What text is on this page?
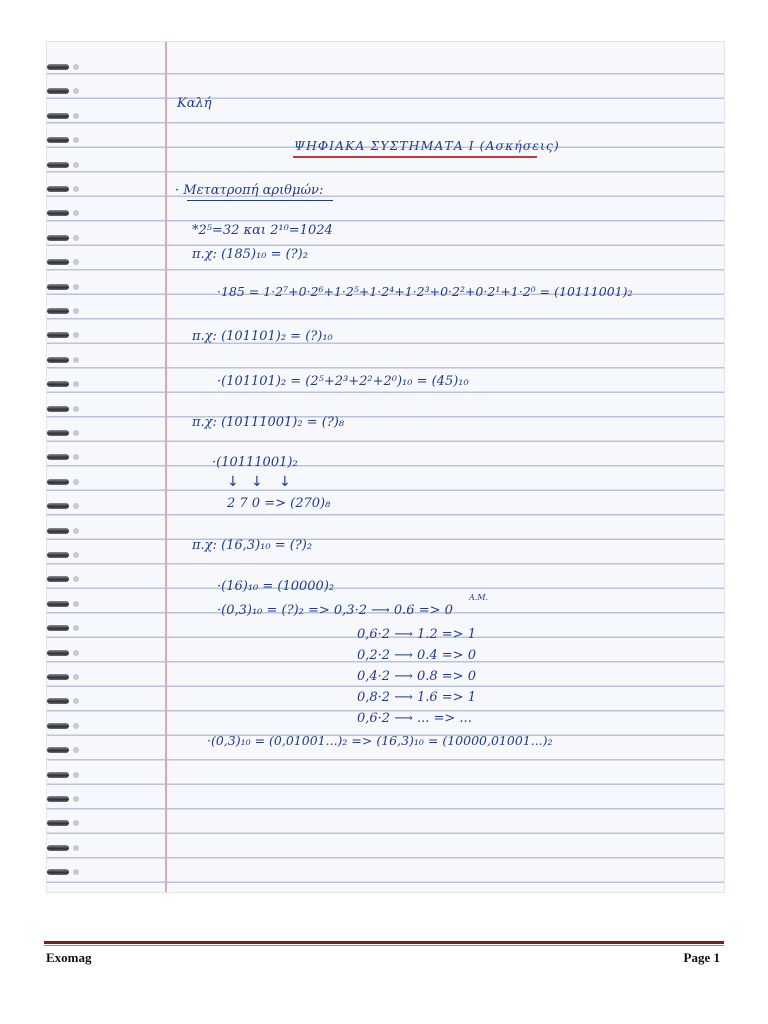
Καλή
ΨΗΦΙΑΚΑ ΣΥΣΤΗΜΑΤΑ Ι (Ασκήσεις)
· Μετατροπή αριθμών:
*2⁵=32 και 2¹⁰=1024
π.χ: (185)₁₀ = (?)₂
·185 = 1·2⁷+0·2⁶+1·2⁵+1·2⁴+1·2³+0·2²+0·2¹+1·2⁰ = (10111001)₂
π.χ: (101101)₂ = (?)₁₀
·(101101)₂ = (2⁵+2³+2²+2⁰)₁₀ = (45)₁₀
π.χ: (10111001)₂ = (?)₈
·(10111001)₂
↓ ↓ ↓
2 7 0 => (270)₈
π.χ: (16,3)₁₀ = (?)₂
·(16)₁₀ = (10000)₂
·(0,3)₁₀ = (?)₂ => 0,3·2 ⟶ 0.6 => 0
A.M.
0,6·2 ⟶ 1.2 => 1
0,2·2 ⟶ 0.4 => 0
0,4·2 ⟶ 0.8 => 0
0,8·2 ⟶ 1.6 => 1
0,6·2 ⟶ ... => ...
·(0,3)₁₀ = (0,01001...)₂ => (16,3)₁₀ = (10000,01001...)₂
Exomag	Page 1
